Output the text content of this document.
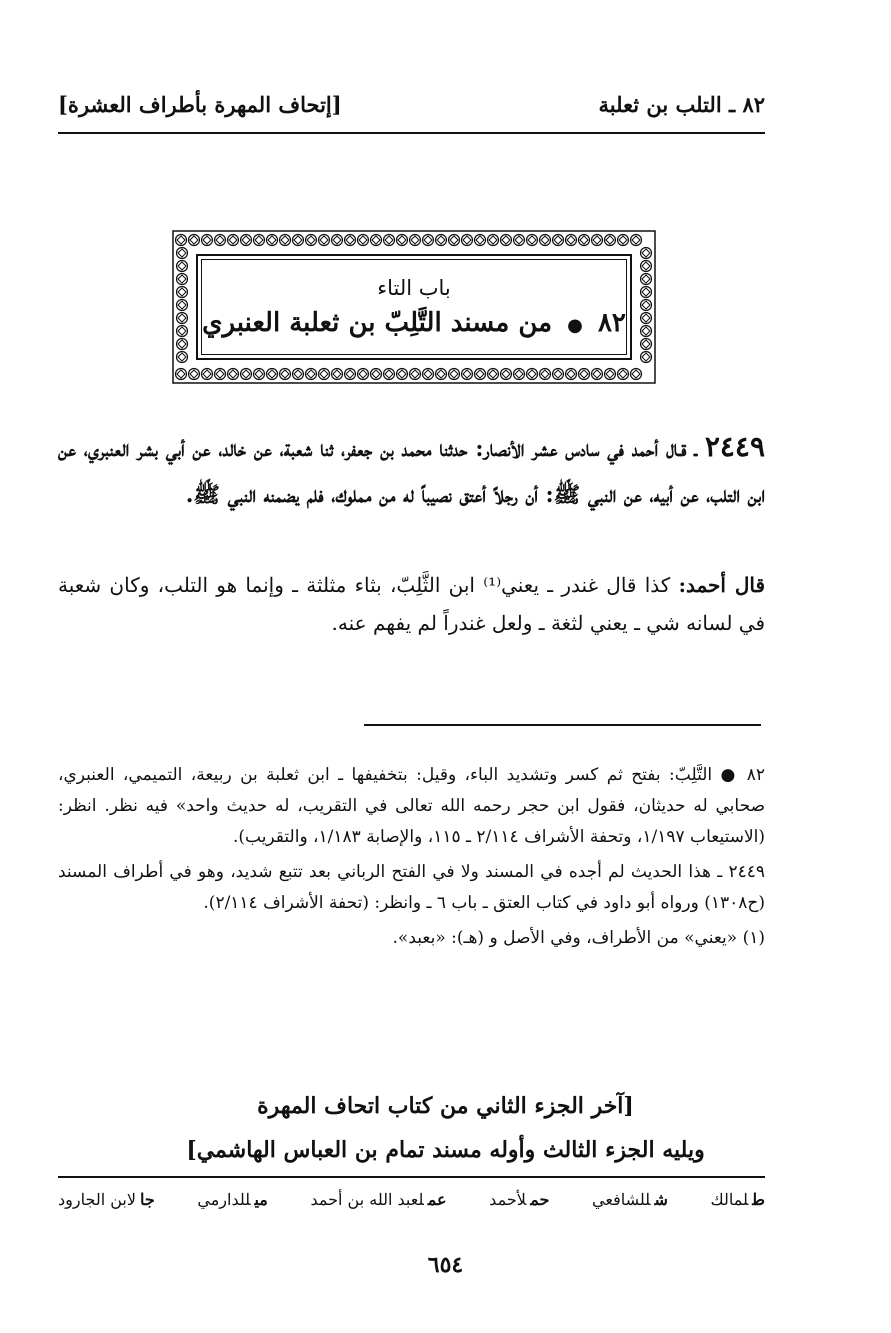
٨٢ ـ التلب بن ثعلبة
[إتحاف المهرة بأطراف العشرة]
باب التاء
٨٢ ● من مسند التَّلِبّ بن ثعلبة العنبري
٢٤٤٩ ـ قـال أحمد في سادس عشر الأنصار: حدثنا محمد بن جعفر، ثنا شعبة، عن خالد، عن أبي بشر العنبري، عن ابن التلب، عن أبيه، عن النبي ﷺ: أن رجلاً أعتق نصيباً له من مملوك، فلم يضمنه النبي ﷺ.
قال أحمد: كذا قال غندر ـ يعني⁽¹⁾ ابن الثَّلِبّ، بثاء مثلثة ـ وإنما هو التلب، وكان شعبة في لسانه شي ـ يعني لثغة ـ ولعل غندراً لم يفهم عنه.

٨٢ ● التَّلِبّ: بفتح ثم كسر وتشديد الباء، وقيل: بتخفيفها ـ ابن ثعلبة بن ربيعة، التميمي، العنبري، صحابي له حديثان، فقول ابن حجر رحمه الله تعالى في التقريب، له حديث واحد» فيه نظر. انظر: (الاستيعاب ١/١٩٧، وتحفة الأشراف ٢/١١٤ ـ ١١٥، والإصابة ١/١٨٣، والتقريب).

٢٤٤٩ ـ هذا الحديث لم أجده في المسند ولا في الفتح الرباني بعد تتبع شديد، وهو في أطراف المسند (ح١٣٠٨) ورواه أبو داود في كتاب العتق ـ باب ٦ ـ وانظر: (تحفة الأشراف ٢/١١٤).

(١) «يعني» من الأطراف، وفي الأصل و (هـ): «بعبد».

[آخر الجزء الثاني من كتاب اتحاف المهرة
ويليه الجزء الثالث وأوله مسند تمام بن العباس الهاشمي]
طلمالك
شللشافعي
حملأحمد
عملعبد الله بن أحمد
ميللدارمي
جالابن الجارود
٦٥٤
